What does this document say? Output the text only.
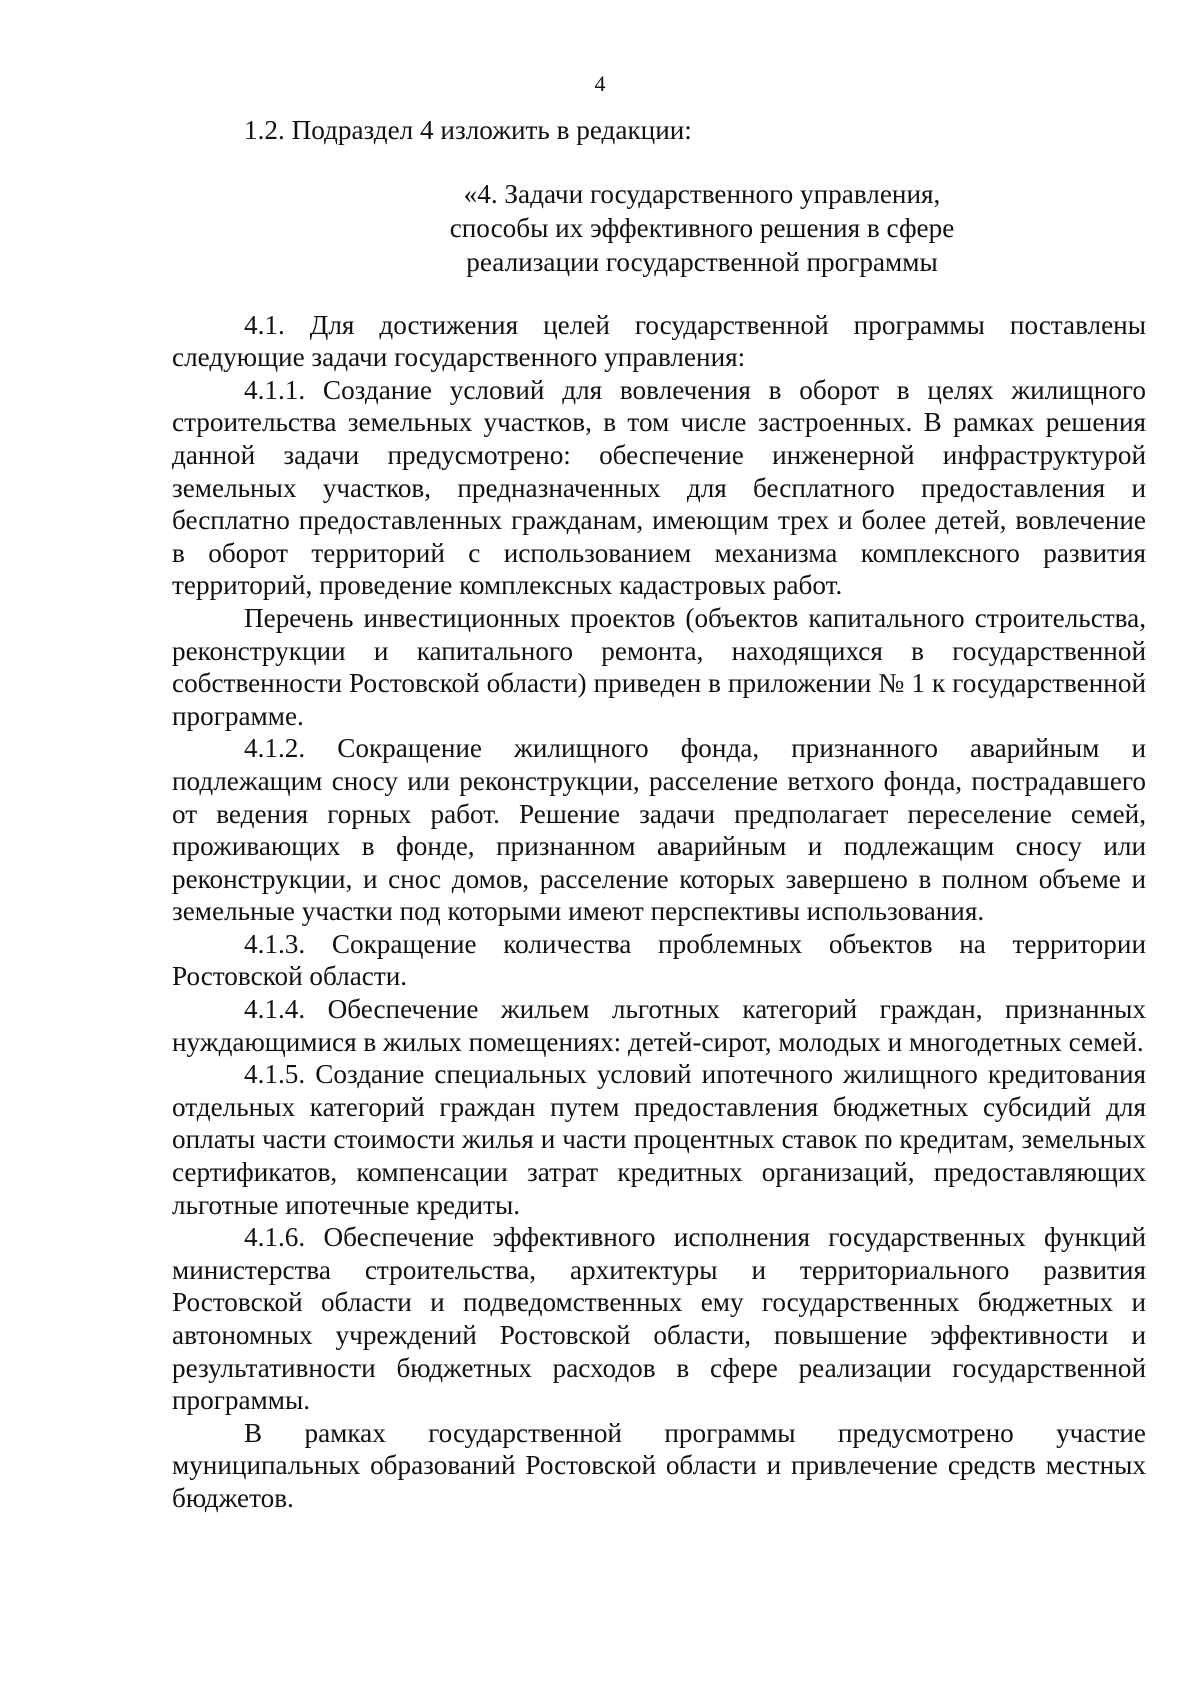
4

1.2. Подраздел 4 изложить в редакции:

«4. Задачи государственного управления,
способы их эффективного решения в сфере
реализации государственной программы

4.1. Для достижения целей государственной программы поставлены следующие задачи государственного управления:

4.1.1. Создание условий для вовлечения в оборот в целях жилищного строительства земельных участков, в том числе застроенных. В рамках решения данной задачи предусмотрено: обеспечение инженерной инфраструктурой земельных участков, предназначенных для бесплатного предоставления и бесплатно предоставленных гражданам, имеющим трех и более детей, вовлечение в оборот территорий с использованием механизма комплексного развития территорий, проведение комплексных кадастровых работ.

Перечень инвестиционных проектов (объектов капитального строительства, реконструкции и капитального ремонта, находящихся в государственной собственности Ростовской области) приведен в приложении № 1 к государственной программе.

4.1.2. Сокращение жилищного фонда, признанного аварийным и подлежащим сносу или реконструкции, расселение ветхого фонда, пострадавшего от ведения горных работ. Решение задачи предполагает переселение семей, проживающих в фонде, признанном аварийным и подлежащим сносу или реконструкции, и снос домов, расселение которых завершено в полном объеме и земельные участки под которыми имеют перспективы использования.

4.1.3. Сокращение количества проблемных объектов на территории Ростовской области.

4.1.4. Обеспечение жильем льготных категорий граждан, признанных нуждающимися в жилых помещениях: детей-сирот, молодых и многодетных семей.

4.1.5. Создание специальных условий ипотечного жилищного кредитования отдельных категорий граждан путем предоставления бюджетных субсидий для оплаты части стоимости жилья и части процентных ставок по кредитам, земельных сертификатов, компенсации затрат кредитных организаций, предоставляющих льготные ипотечные кредиты.

4.1.6. Обеспечение эффективного исполнения государственных функций министерства строительства, архитектуры и территориального развития Ростовской области и подведомственных ему государственных бюджетных и автономных учреждений Ростовской области, повышение эффективности и результативности бюджетных расходов в сфере реализации государственной программы.

В рамках государственной программы предусмотрено участие муниципальных образований Ростовской области и привлечение средств местных бюджетов.
